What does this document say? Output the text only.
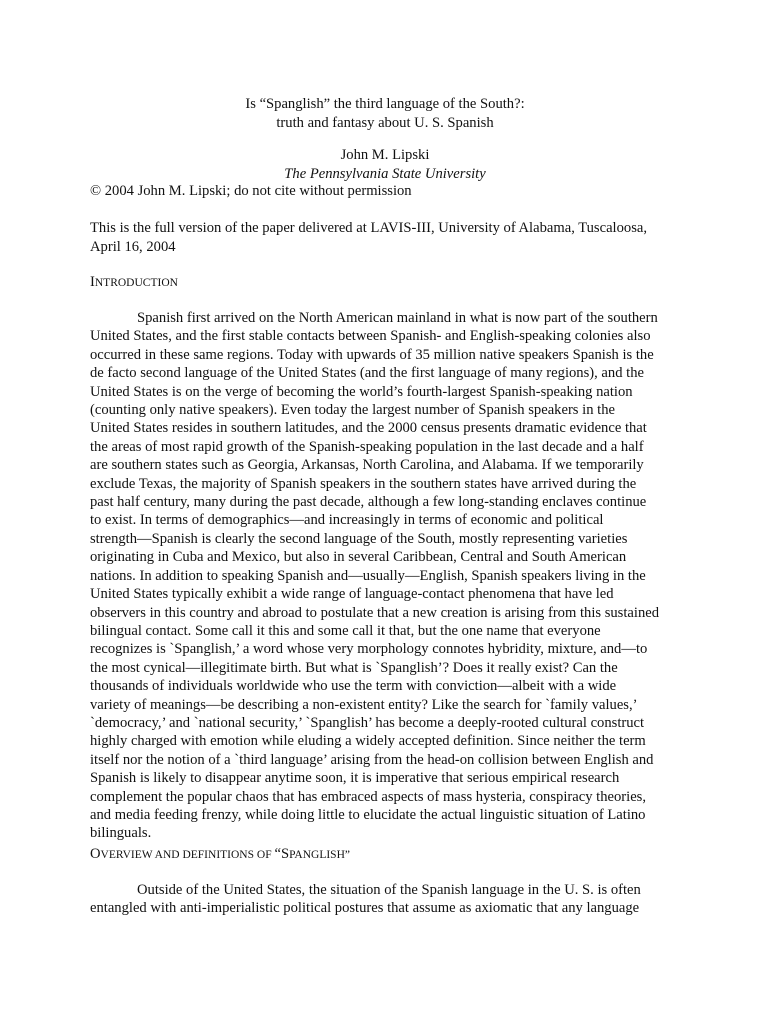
Is “Spanglish” the third language of the South?:
truth and fantasy about U. S. Spanish
John M. Lipski
The Pennsylvania State University
© 2004 John M. Lipski; do not cite without permission
This is the full version of the paper delivered at LAVIS-III, University of Alabama, Tuscaloosa,
April 16, 2004
INTRODUCTION
Spanish first arrived on the North American mainland in what is now part of the southern
United States, and the first stable contacts between Spanish- and English-speaking colonies also
occurred in these same regions. Today with upwards of 35 million native speakers Spanish is the
de facto second language of the United States (and the first language of many regions), and the
United States is on the verge of becoming the world’s fourth-largest Spanish-speaking nation
(counting only native speakers). Even today the largest number of Spanish speakers in the
United States resides in southern latitudes, and the 2000 census presents dramatic evidence that
the areas of most rapid growth of the Spanish-speaking population in the last decade and a half
are southern states such as Georgia, Arkansas, North Carolina, and Alabama. If we temporarily
exclude Texas, the majority of Spanish speakers in the southern states have arrived during the
past half century, many during the past decade, although a few long-standing enclaves continue
to exist. In terms of demographics—and increasingly in terms of economic and political
strength—Spanish is clearly the second language of the South, mostly representing varieties
originating in Cuba and Mexico, but also in several Caribbean, Central and South American
nations. In addition to speaking Spanish and—usually—English, Spanish speakers living in the
United States typically exhibit a wide range of language-contact phenomena that have led
observers in this country and abroad to postulate that a new creation is arising from this sustained
bilingual contact. Some call it this and some call it that, but the one name that everyone
recognizes is `Spanglish,’ a word whose very morphology connotes hybridity, mixture, and—to
the most cynical—illegitimate birth. But what is `Spanglish’? Does it really exist? Can the
thousands of individuals worldwide who use the term with conviction—albeit with a wide
variety of meanings—be describing a non-existent entity? Like the search for `family values,’
`democracy,’ and `national security,’ `Spanglish’ has become a deeply-rooted cultural construct
highly charged with emotion while eluding a widely accepted definition. Since neither the term
itself nor the notion of a `third language’ arising from the head-on collision between English and
Spanish is likely to disappear anytime soon, it is imperative that serious empirical research
complement the popular chaos that has embraced aspects of mass hysteria, conspiracy theories,
and media feeding frenzy, while doing little to elucidate the actual linguistic situation of Latino
bilinguals.
OVERVIEW AND DEFINITIONS OF “SPANGLISH”
Outside of the United States, the situation of the Spanish language in the U. S. is often
entangled with anti-imperialistic political postures that assume as axiomatic that any language
